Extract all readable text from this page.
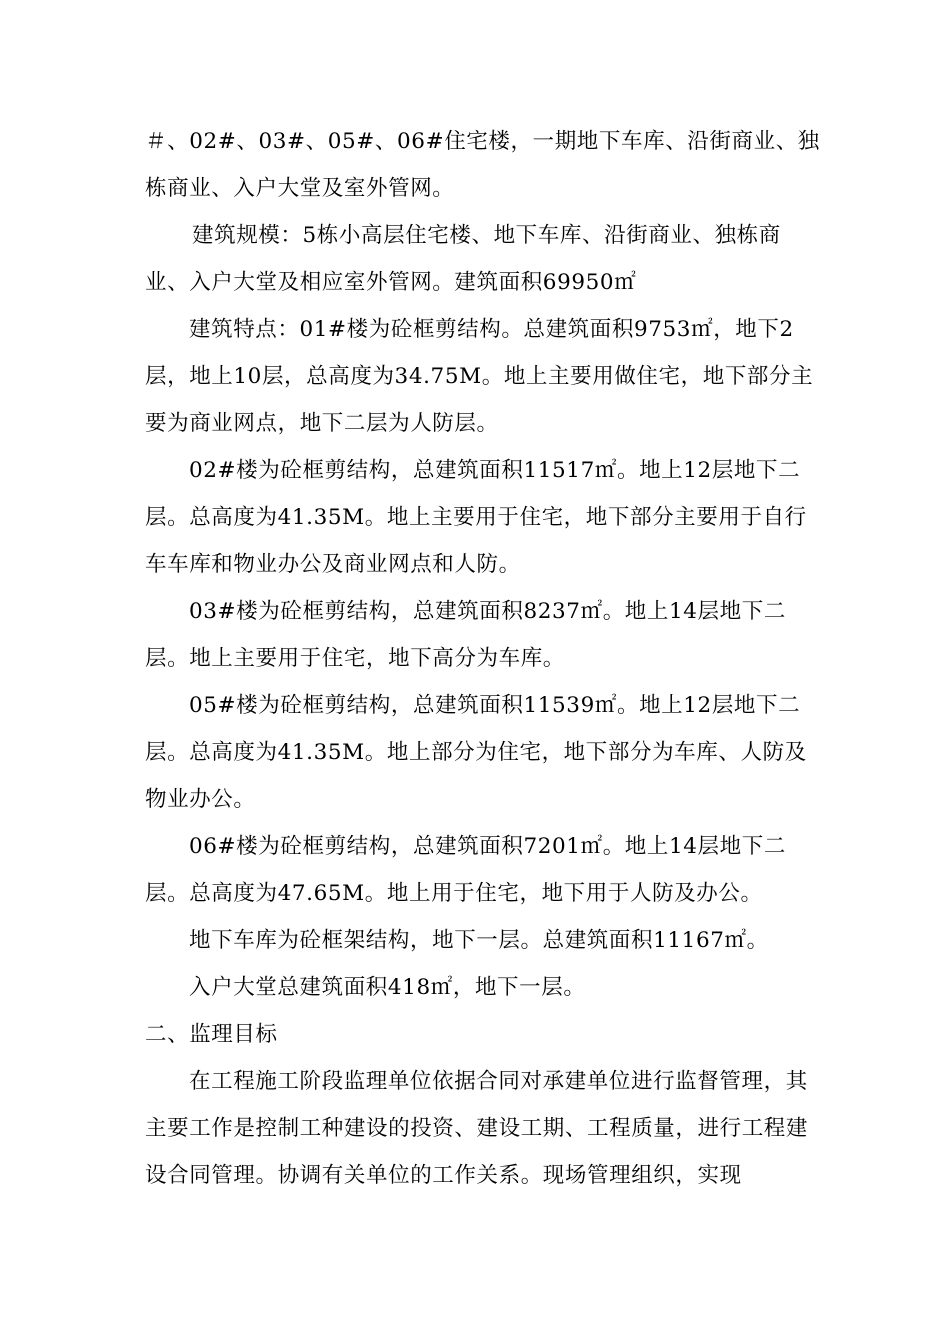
＃、02#、03#、05#、06#住宅楼，一期地下车库、沿街商业、独栋商业、入户大堂及室外管网。

建筑规模：5栋小高层住宅楼、地下车库、沿街商业、独栋商业、入户大堂及相应室外管网。建筑面积69950㎡

建筑特点：01#楼为砼框剪结构。总建筑面积9753㎡，地下2层，地上10层，总高度为34.75M。地上主要用做住宅，地下部分主要为商业网点，地下二层为人防层。

02#楼为砼框剪结构，总建筑面积11517㎡。地上12层地下二层。总高度为41.35M。地上主要用于住宅，地下部分主要用于自行车车库和物业办公及商业网点和人防。

03#楼为砼框剪结构，总建筑面积8237㎡。地上14层地下二层。地上主要用于住宅，地下高分为车库。

05#楼为砼框剪结构，总建筑面积11539㎡。地上12层地下二层。总高度为41.35M。地上部分为住宅，地下部分为车库、人防及物业办公。

06#楼为砼框剪结构，总建筑面积7201㎡。地上14层地下二层。总高度为47.65M。地上用于住宅，地下用于人防及办公。

地下车库为砼框架结构，地下一层。总建筑面积11167㎡。

入户大堂总建筑面积418㎡，地下一层。

二、监理目标

在工程施工阶段监理单位依据合同对承建单位进行监督管理，其主要工作是控制工种建设的投资、建设工期、工程质量，进行工程建设合同管理。协调有关单位的工作关系。现场管理组织，实现
